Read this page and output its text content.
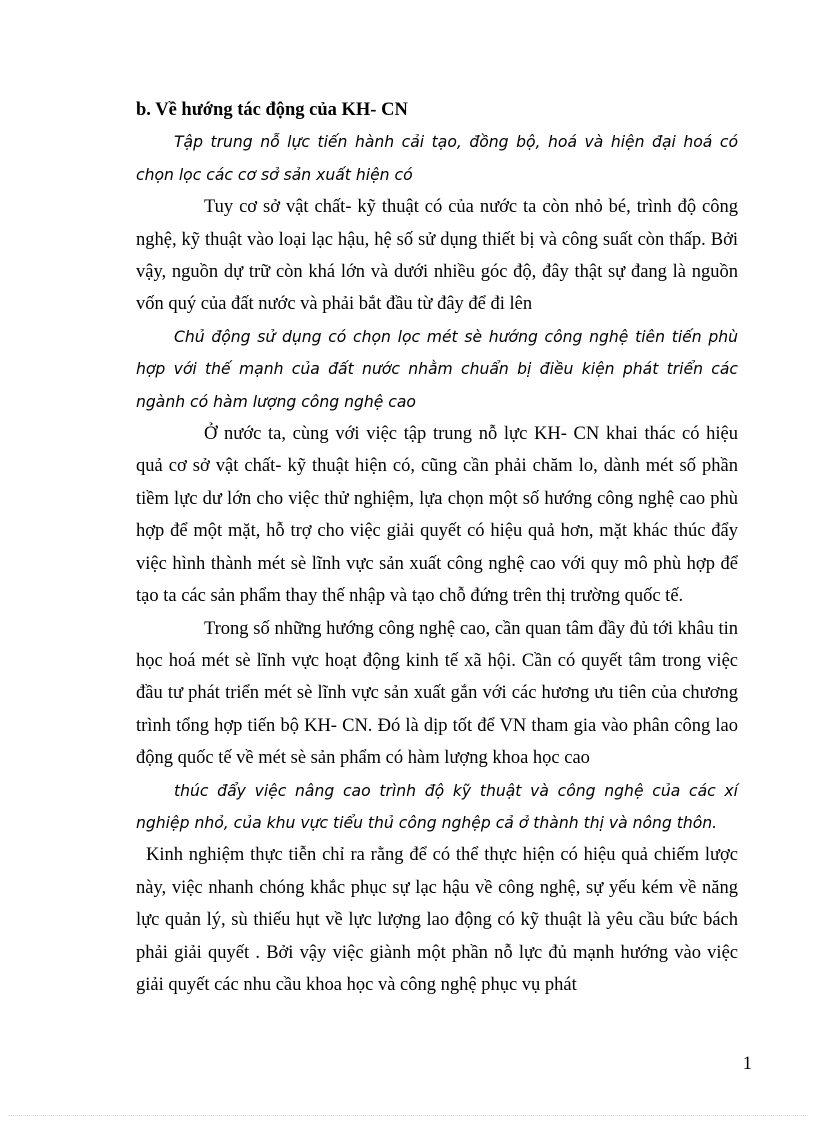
b. Về hướng tác động của KH- CN

Tập trung nỗ lực tiến hành cải tạo, đồng bộ, hoá và hiện đại hoá có chọn lọc các cơ sở sản xuất hiện có

Tuy cơ sở vật chất- kỹ thuật có của nước ta còn nhỏ bé, trình độ công nghệ, kỹ thuật vào loại lạc hậu, hệ số sử dụng thiết bị và công suất còn thấp. Bởi vậy, nguồn dự trữ còn khá lớn và dưới nhiều góc độ, đây thật sự đang là nguồn vốn quý của đất nước và phải bắt đầu từ đây để đi lên

Chủ động sử dụng có chọn lọc mét sè hướng công nghệ tiên tiến phù hợp với thế mạnh của đất nước nhằm chuẩn bị điều kiện phát triển các ngành có hàm lượng công nghệ cao

Ở nước ta, cùng với việc tập trung nỗ lực KH- CN khai thác có hiệu quả cơ sở vật chất- kỹ thuật hiện có, cũng cần phải chăm lo, dành mét số phần tiềm lực dư lớn cho việc thử nghiệm, lựa chọn một số hướng công nghệ cao phù hợp để một mặt, hỗ trợ cho việc giải quyết có hiệu quả hơn, mặt khác thúc đẩy việc hình thành mét sè lĩnh vực sản xuất công nghệ cao với quy mô phù hợp để tạo ta các sản phẩm thay thế nhập và tạo chỗ đứng trên thị trường quốc tế.

Trong số những hướng công nghệ cao, cần quan tâm đầy đủ tới khâu tin học hoá mét sè lĩnh vực hoạt động kinh tế xã hội. Cần có quyết tâm trong việc đầu tư phát triển mét sè lĩnh vực sản xuất gắn với các hương ưu tiên của chương trình tổng hợp tiến bộ KH- CN. Đó là dịp tốt để VN tham gia vào phân công lao động quốc tế về mét sè sản phẩm có hàm lượng khoa học cao

thúc đẩy việc nâng cao trình độ kỹ thuật và công nghệ của các xí nghiệp nhỏ, của khu vực tiểu thủ công nghệp cả ở thành thị và nông thôn.

Kinh nghiệm thực tiễn chỉ ra rằng để có thể thực hiện có hiệu quả chiếm lược này, việc nhanh chóng khắc phục sự lạc hậu về công nghệ, sự yếu kém về năng lực quản lý, sù thiếu hụt về lực lượng lao động có kỹ thuật là yêu cầu bức bách phải giải quyết . Bởi vậy việc giành một phần nỗ lực đủ mạnh hướng vào việc giải quyết các nhu cầu khoa học và công nghệ phục vụ phát

1
